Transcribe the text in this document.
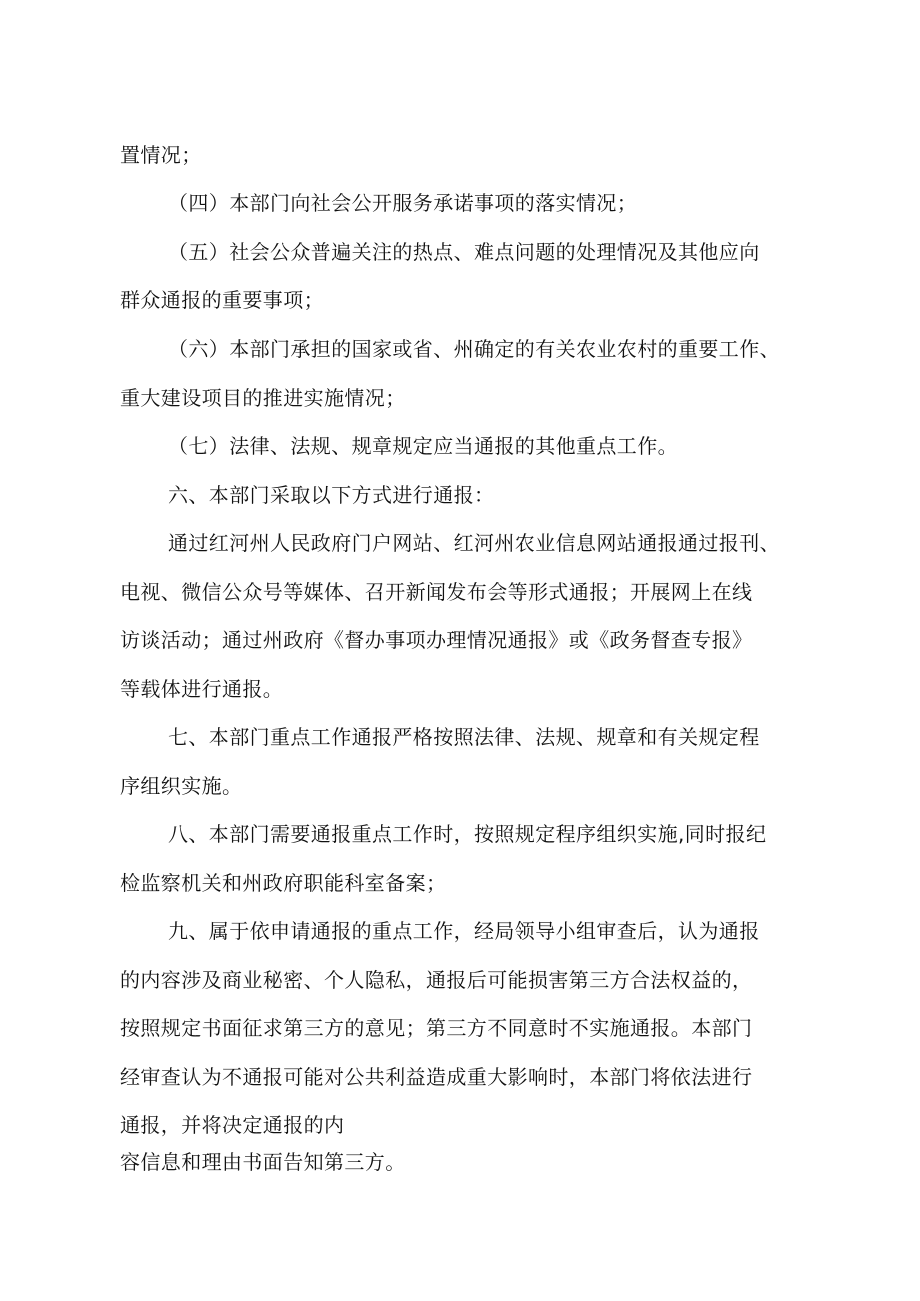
置情况；

（四）本部门向社会公开服务承诺事项的落实情况；

（五）社会公众普遍关注的热点、难点问题的处理情况及其他应向

群众通报的重要事项；

（六）本部门承担的国家或省、州确定的有关农业农村的重要工作、

重大建设项目的推进实施情况；

（七）法律、法规、规章规定应当通报的其他重点工作。

六、本部门采取以下方式进行通报：

通过红河州人民政府门户网站、红河州农业信息网站通报通过报刊、

电视、微信公众号等媒体、召开新闻发布会等形式通报；开展网上在线

访谈活动；通过州政府《督办事项办理情况通报》或《政务督查专报》

等载体进行通报。

七、本部门重点工作通报严格按照法律、法规、规章和有关规定程

序组织实施。

八、本部门需要通报重点工作时，按照规定程序组织实施,同时报纪

检监察机关和州政府职能科室备案；

九、属于依申请通报的重点工作，经局领导小组审查后，认为通报

的内容涉及商业秘密、个人隐私，通报后可能损害第三方合法权益的，

按照规定书面征求第三方的意见；第三方不同意时不实施通报。本部门

经审查认为不通报可能对公共利益造成重大影响时，本部门将依法进行

通报，并将决定通报的内

容信息和理由书面告知第三方。
